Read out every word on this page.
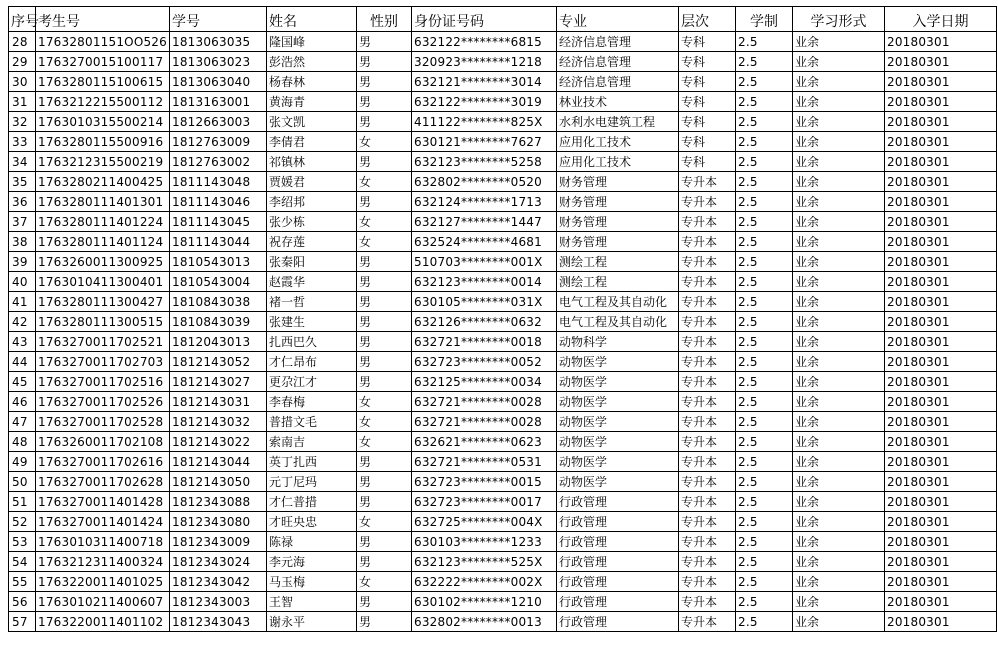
序号	考生号	学号	姓名	性别	身份证号码	专业	层次	学制	学习形式	入学日期
28	17632801151OO526	1813063035	隆国峰	男	632122********6815	经济信息管理	专科	2.5	业余	20180301
29	1763270015100117	1813063023	彭浩然	男	320923********1218	经济信息管理	专科	2.5	业余	20180301
30	1763280115100615	1813063040	杨春林	男	632121********3014	经济信息管理	专科	2.5	业余	20180301
31	1763212215500112	1813163001	黄海青	男	632122********3019	林业技术	专科	2.5	业余	20180301
32	1763010315500214	1812663003	张文凯	男	411122********825X	水利水电建筑工程	专科	2.5	业余	20180301
33	1763280115500916	1812763009	李倩君	女	630121********7627	应用化工技术	专科	2.5	业余	20180301
34	1763212315500219	1812763002	祁镇林	男	632123********5258	应用化工技术	专科	2.5	业余	20180301
35	1763280211400425	1811143048	贾媛君	女	632802********0520	财务管理	专升本	2.5	业余	20180301
36	1763280111401301	1811143046	李绍邦	男	632124********1713	财务管理	专升本	2.5	业余	20180301
37	1763280111401224	1811143045	张少栋	女	632127********1447	财务管理	专升本	2.5	业余	20180301
38	1763280111401124	1811143044	祝存莲	女	632524********4681	财务管理	专升本	2.5	业余	20180301
39	1763260011300925	1810543013	张秦阳	男	510703********001X	测绘工程	专升本	2.5	业余	20180301
40	1763010411300401	1810543004	赵霞华	男	632123********0014	测绘工程	专升本	2.5	业余	20180301
41	1763280111300427	1810843038	褚一哲	男	630105********031X	电气工程及其自动化	专升本	2.5	业余	20180301
42	1763280111300515	1810843039	张建生	男	632126********0632	电气工程及其自动化	专升本	2.5	业余	20180301
43	1763270011702521	1812043013	扎西巴久	男	632721********0018	动物科学	专升本	2.5	业余	20180301
44	1763270011702703	1812143052	才仁昂布	男	632723********0052	动物医学	专升本	2.5	业余	20180301
45	1763270011702516	1812143027	更尕江才	男	632125********0034	动物医学	专升本	2.5	业余	20180301
46	1763270011702526	1812143031	李春梅	女	632721********0028	动物医学	专升本	2.5	业余	20180301
47	1763270011702528	1812143032	普措文毛	女	632721********0028	动物医学	专升本	2.5	业余	20180301
48	1763260011702108	1812143022	索南吉	女	632621********0623	动物医学	专升本	2.5	业余	20180301
49	1763270011702616	1812143044	英丁扎西	男	632721********0531	动物医学	专升本	2.5	业余	20180301
50	1763270011702628	1812143050	元丁尼玛	男	632723********0015	动物医学	专升本	2.5	业余	20180301
51	1763270011401428	1812343088	才仁普措	男	632723********0017	行政管理	专升本	2.5	业余	20180301
52	1763270011401424	1812343080	才旺央忠	女	632725********004X	行政管理	专升本	2.5	业余	20180301
53	1763010311400718	1812343009	陈禄	男	630103********1233	行政管理	专升本	2.5	业余	20180301
54	1763212311400324	1812343024	李元海	男	632123********525X	行政管理	专升本	2.5	业余	20180301
55	1763220011401025	1812343042	马玉梅	女	632222********002X	行政管理	专升本	2.5	业余	20180301
56	1763010211400607	1812343003	王智	男	630102********1210	行政管理	专升本	2.5	业余	20180301
57	1763220011401102	1812343043	谢永平	男	632802********0013	行政管理	专升本	2.5	业余	20180301
